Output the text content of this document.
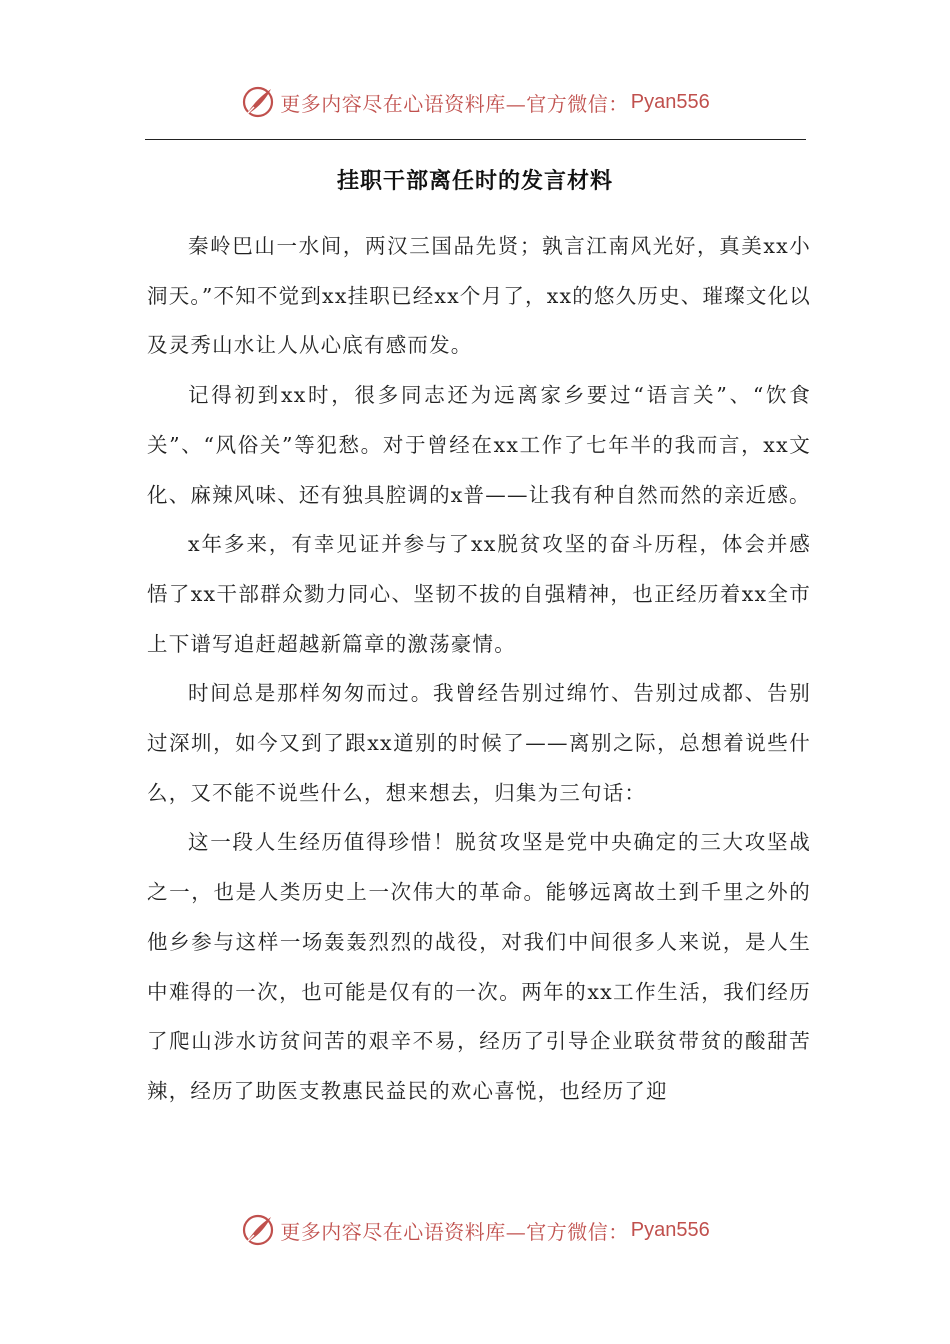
更多内容尽在心语资料库—官方微信： Pyan556
挂职干部离任时的发言材料

秦岭巴山一水间，两汉三国品先贤；孰言江南风光好，真美xx小洞天。”不知不觉到xx挂职已经xx个月了，xx的悠久历史、璀璨文化以及灵秀山水让人从心底有感而发。

记得初到xx时，很多同志还为远离家乡要过“语言关”、“饮食关”、“风俗关”等犯愁。对于曾经在xx工作了七年半的我而言，xx文化、麻辣风味、还有独具腔调的x普——让我有种自然而然的亲近感。

x年多来，有幸见证并参与了xx脱贫攻坚的奋斗历程，体会并感悟了xx干部群众勠力同心、坚韧不拔的自强精神，也正经历着xx全市上下谱写追赶超越新篇章的激荡豪情。

时间总是那样匆匆而过。我曾经告别过绵竹、告别过成都、告别过深圳，如今又到了跟xx道别的时候了——离别之际，总想着说些什么，又不能不说些什么，想来想去，归集为三句话：

这一段人生经历值得珍惜！脱贫攻坚是党中央确定的三大攻坚战之一，也是人类历史上一次伟大的革命。能够远离故土到千里之外的他乡参与这样一场轰轰烈烈的战役，对我们中间很多人来说，是人生中难得的一次，也可能是仅有的一次。两年的xx工作生活，我们经历了爬山涉水访贫问苦的艰辛不易，经历了引导企业联贫带贫的酸甜苦辣，经历了助医支教惠民益民的欢心喜悦，也经历了迎

更多内容尽在心语资料库—官方微信： Pyan556
